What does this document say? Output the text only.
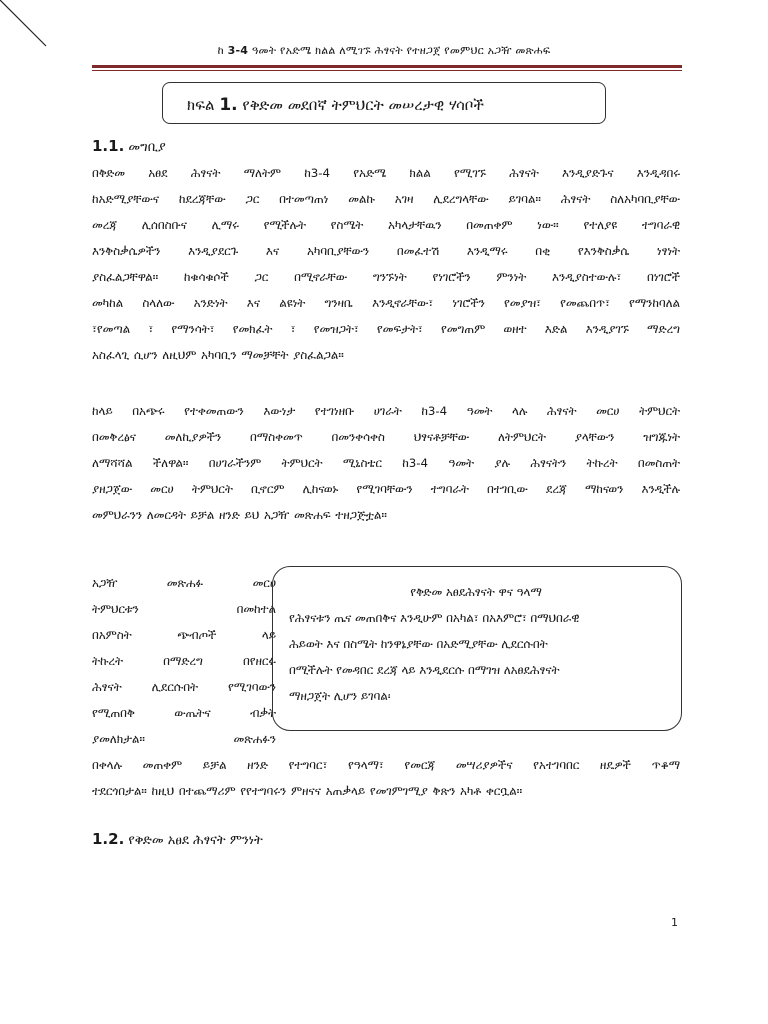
ከ 3-4 ዓመት የአድሜ ክልል ለሚገኙ ሕፃናት የተዘጋጀ የመምህር አጋዥ መጽሐፍ
ክፍል 1. የቅድመ መደበኛ ትምህርት መሠረታዊ ሃሳቦች
1.1. መግቢያ
በቅድመ አፀደ ሕፃናት ማለትም ከ3-4 የአድሜ ክልል የሚገኙ ሕፃናት እንዲያድጉና እንዲዳበሩ
ከአድሚያቸውና ከደረጃቸው ጋር በተመጣጠነ መልኩ አገዛ ሊደረግላቸው ይገባል። ሕፃናት ስለአካባቢያቸው
መረጃ ሊሰበስቡና ሊማሩ የሚችሉት የስሜት አካላታቸዉን በመጠቀም ነው። የተለያዩ ተግባራዊ
እንቅስቃሴዎችን እንዲያደርጉ እና አካባቢያቸውን በመፈተሽ እንዲማሩ በቂ የእንቅስቃሴ ነፃነት
ያስፈልጋቸዋል። ከቁሳቁሶች ጋር በሚኖራቸው ግንኙነት የነገሮችን ምንነት እንዲያስተውሉ፣ በነገሮች
መካከል ስላለው አንድነት እና ልዩነት ግንዛቤ እንዲኖራቸው፣ ነገሮችን የመያዝ፣ የመጨበጥ፣ የማንከባለል
፣የመጣል ፣ የማንሳት፣ የመክፈት ፣ የመዝጋት፣ የመፍታት፣ የመግጠም ወዘተ እድል እንዲያገኙ ማድረግ
አስፈላጊ ሲሆን ለዚህም አካባቢን ማመቻቸት ያስፈልጋል።
ከላይ በአጭሩ የተቀመጠውን እውነታ የተገነዘቡ ሀገራት ከ3-4 ዓመት ላሉ ሕፃናት መርሀ ትምህርት
በመቅረፅና መለኪያዎችን በማስቀመጥ በመንቀሳቀስ ህፃናቶቻቸው ለትምህርት ያላቸውን ዝግጁነት
ለማሻሻል ችለዋል። በሀገራችንም ትምህርት ሚኒስቴር ከ3-4 ዓመት ያሉ ሕፃናትን ትኩረት በመስጠት
ያዘጋጀው መርሀ ትምህርት ቢኖርም ሊከናወኑ የሚገባቸውን ተግባራት በተገቢው ደረጃ ማከናወን እንዲችሉ
መምህራንን ለመርዳት ይቻል ዘንድ ይህ አጋዥ መጽሐፍ ተዘጋጅቷል።
አጋዥ መጽሐፉ መርሀ
ትምህርቱን በመከተል
በአምስት ጭብጦች ላይ
ትኩረት በማድረግ በየዘርፉ
ሕፃናት ሊደርሱበት የሚገባውን
የሚጠበቅ ውጤትና ብቃት
ያመለክታል። መጽሐፉን
የቅድመ አፀደሕፃናት ዋና ዓላማ
የሕፃናቱን ጤና መጠበቅና እንዲሁም በአካል፣ በአእምሮ፣ በማህበራዊ
ሕይወት እና በስሜት ከንዋኔያቸው በአድሚያቸው ሊደርሱበት
በሚችሉት የመዳበር ደረጃ ላይ እንዲደርሱ በማገዝ ለአፀደሕፃናት
ማዘጋጀት ሊሆን ይገባል፡
በቀላሉ መጠቀም ይቻል ዘንድ የተግባር፣ የዓላማ፣ የመርጃ መሣሪያዎችና የአተገባበር ዘዴዎች ጥቆማ
ተደርጎበታል። ከዚህ በተጨማሪም የየተግባሩን ምዘናና አጠቃላይ የመገምገሚያ ቅጽን አካቶ ቀርቧል።
1.2. የቅድመ አፀደ ሕፃናት ምንነት
1
